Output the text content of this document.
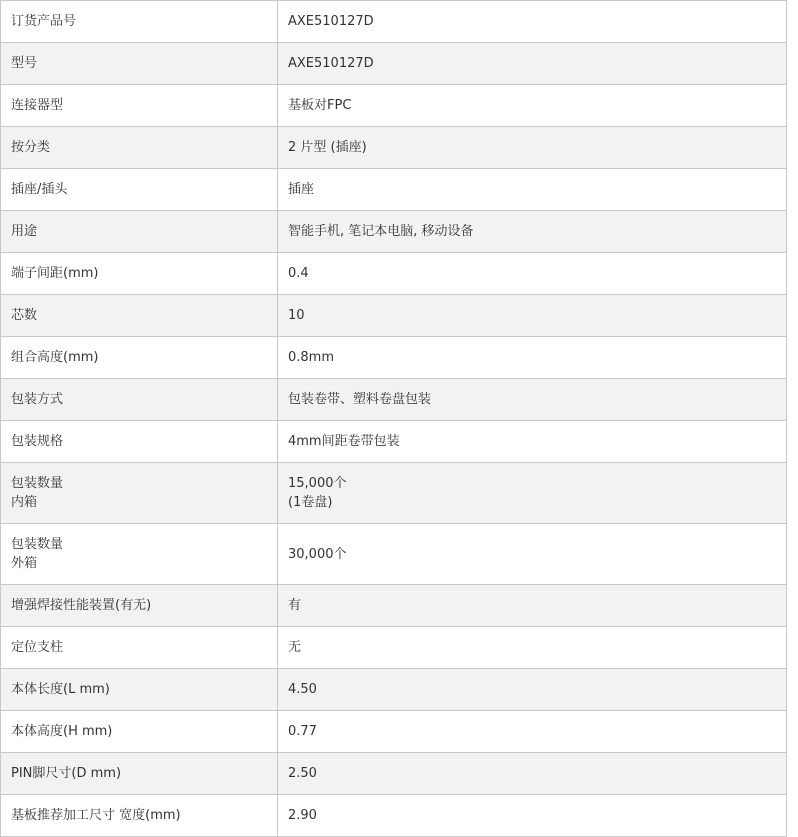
订货产品号	AXE510127D

型号	AXE510127D

连接器型	基板对FPC

按分类	2 片型 (插座)

插座/插头	插座

用途	智能手机, 笔记本电脑, 移动设备

端子间距(mm)	0.4

芯数	10

组合高度(mm)	0.8mm

包装方式	包装卷带、塑料卷盘包装

包装规格	4mm间距卷带包装

包装数量
内箱	15,000个
(1卷盘)

包装数量
外箱	30,000个

增强焊接性能装置(有无)	有

定位支柱	无

本体长度(L mm)	4.50

本体高度(H mm)	0.77

PIN脚尺寸(D mm)	2.50

基板推荐加工尺寸 宽度(mm)	2.90
